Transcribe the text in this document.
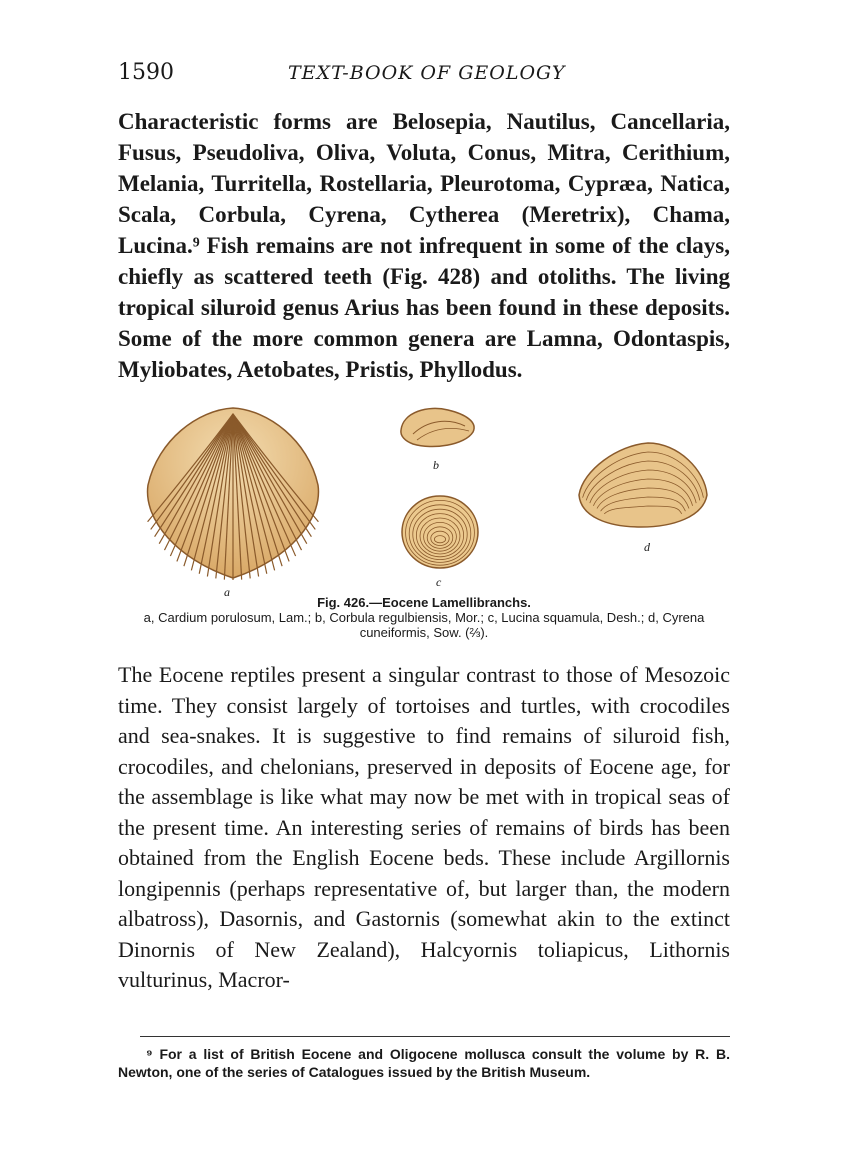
1590	TEXT-BOOK OF GEOLOGY

Characteristic forms are Belosepia, Nautilus, Cancellaria, Fusus, Pseudoliva, Oliva, Voluta, Conus, Mitra, Cerithium, Melania, Turritella, Rostellaria, Pleurotoma, Cypræa, Natica, Scala, Corbula, Cyrena, Cytherea (Meretrix), Chama, Lucina.⁹ Fish remains are not infrequent in some of the clays, chiefly as scattered teeth (Fig. 428) and otoliths. The living tropical siluroid genus Arius has been found in these deposits. Some of the more common genera are Lamna, Odontaspis, Myliobates, Aetobates, Pristis, Phyllodus.

a
b
c
d

Fig. 426.—Eocene Lamellibranchs.
a, Cardium porulosum, Lam.; b, Corbula regulbiensis, Mor.; c, Lucina squamula, Desh.; d, Cyrena cuneiformis, Sow. (⅔).

The Eocene reptiles present a singular contrast to those of Mesozoic time. They consist largely of tortoises and turtles, with crocodiles and sea-snakes. It is suggestive to find remains of siluroid fish, crocodiles, and chelonians, preserved in deposits of Eocene age, for the assemblage is like what may now be met with in tropical seas of the present time. An interesting series of remains of birds has been obtained from the English Eocene beds. These include Argillornis longipennis (perhaps representative of, but larger than, the modern albatross), Dasornis, and Gastornis (somewhat akin to the extinct Dinornis of New Zealand), Halcyornis toliapicus, Lithornis vulturinus, Macror-

⁹ For a list of British Eocene and Oligocene mollusca consult the volume by R. B. Newton, one of the series of Catalogues issued by the British Museum.
